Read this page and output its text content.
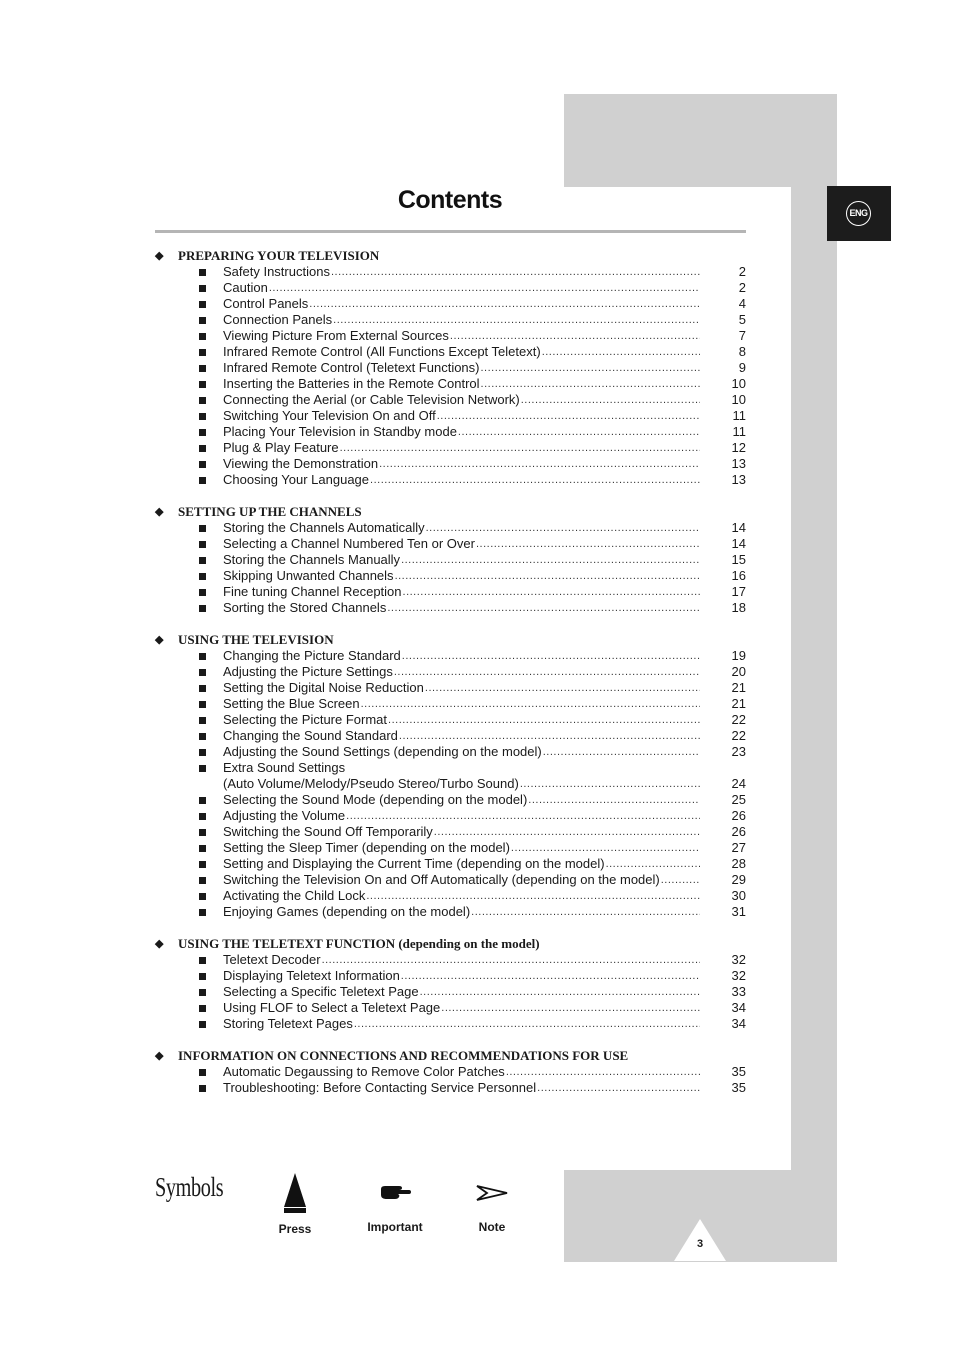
ENG
Contents
◆ PREPARING YOUR TELEVISION
Safety Instructions .....	2
Caution .....	2
Control Panels .....	4
Connection Panels .....	5
Viewing Picture From External Sources .....	7
Infrared Remote Control (All Functions Except Teletext) .....	8
Infrared Remote Control (Teletext Functions) .....	9
Inserting the Batteries in the Remote Control .....	10
Connecting the Aerial (or Cable Television Network) .....	10
Switching Your Television On and Off .....	11
Placing Your Television in Standby mode .....	11
Plug & Play Feature .....	12
Viewing the Demonstration .....	13
Choosing Your Language .....	13
◆ SETTING UP THE CHANNELS
Storing the Channels Automatically .....	14
Selecting a Channel Numbered Ten or Over .....	14
Storing the Channels Manually .....	15
Skipping Unwanted Channels .....	16
Fine tuning Channel Reception .....	17
Sorting the Stored Channels .....	18
◆ USING THE TELEVISION
Changing the Picture Standard .....	19
Adjusting the Picture Settings .....	20
Setting the Digital Noise Reduction .....	21
Setting the Blue Screen .....	21
Selecting the Picture Format .....	22
Changing the Sound Standard .....	22
Adjusting the Sound Settings (depending on the model) .....	23
Extra Sound Settings
(Auto Volume/Melody/Pseudo Stereo/Turbo Sound) .....	24
Selecting the Sound Mode (depending on the model) .....	25
Adjusting the Volume .....	26
Switching the Sound Off Temporarily .....	26
Setting the Sleep Timer (depending on the model) .....	27
Setting and Displaying the Current Time (depending on the model) .....	28
Switching the Television On and Off Automatically (depending on the model) .....	29
Activating the Child Lock .....	30
Enjoying Games (depending on the model) .....	31
◆ USING THE TELETEXT FUNCTION (depending on the model)
Teletext Decoder .....	32
Displaying Teletext Information .....	32
Selecting a Specific Teletext Page .....	33
Using FLOF to Select a Teletext Page .....	34
Storing Teletext Pages .....	34
◆ INFORMATION ON CONNECTIONS AND RECOMMENDATIONS FOR USE
Automatic Degaussing to Remove Color Patches .....	35
Troubleshooting: Before Contacting Service Personnel .....	35
Symbols
Press	Important	Note
3
